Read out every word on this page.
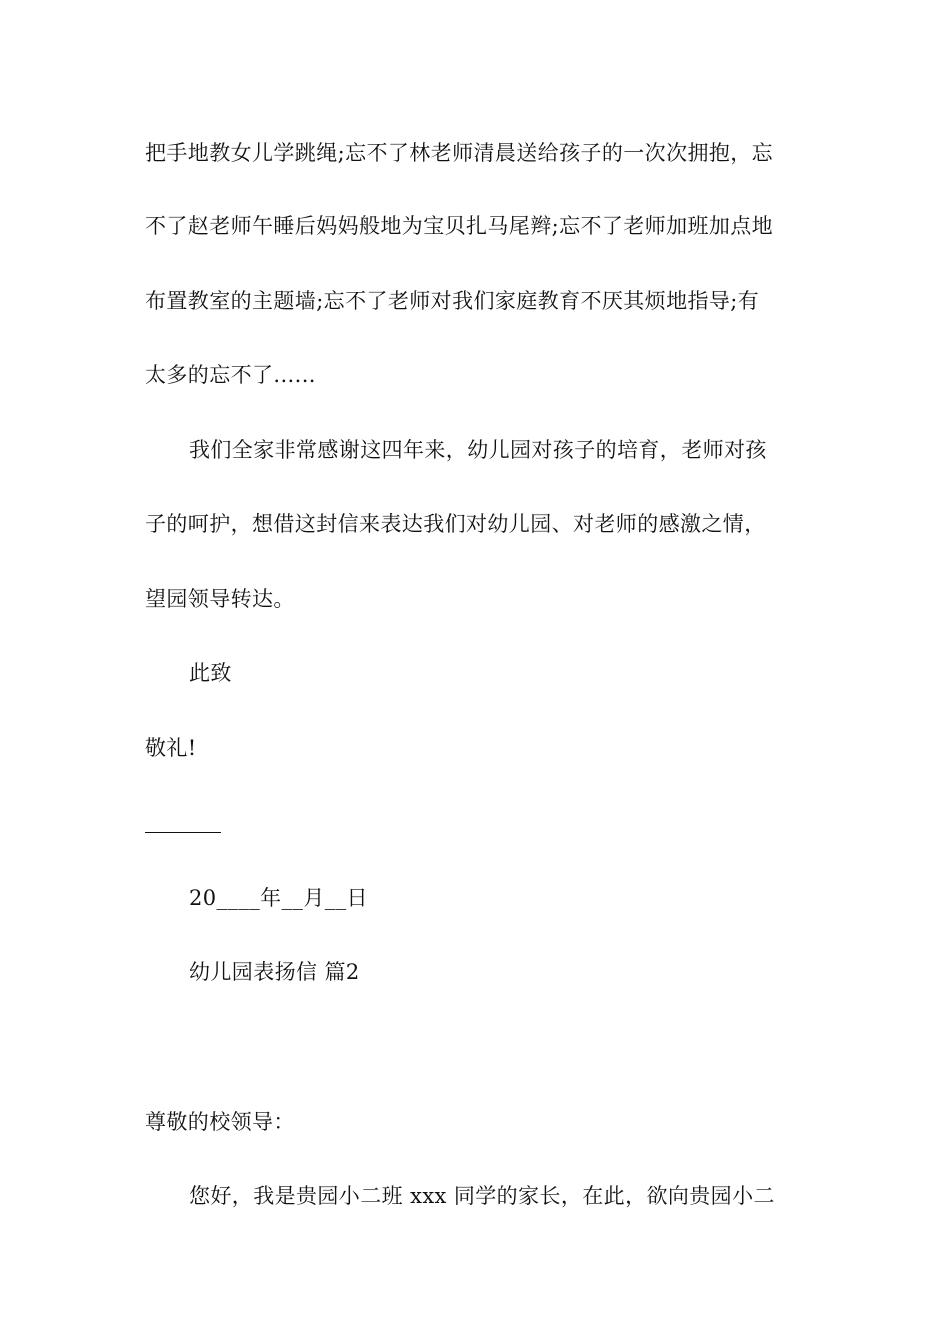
把手地教女儿学跳绳;忘不了林老师清晨送给孩子的一次次拥抱，忘
不了赵老师午睡后妈妈般地为宝贝扎马尾辫;忘不了老师加班加点地
布置教室的主题墙;忘不了老师对我们家庭教育不厌其烦地指导;有
太多的忘不了......
我们全家非常感谢这四年来，幼儿园对孩子的培育，老师对孩
子的呵护，想借这封信来表达我们对幼儿园、对老师的感激之情，
望园领导转达。
此致
敬礼!
20____年__月__日
幼儿园表扬信 篇2
尊敬的校领导：
您好，我是贵园小二班 xxx 同学的家长，在此，欲向贵园小二
